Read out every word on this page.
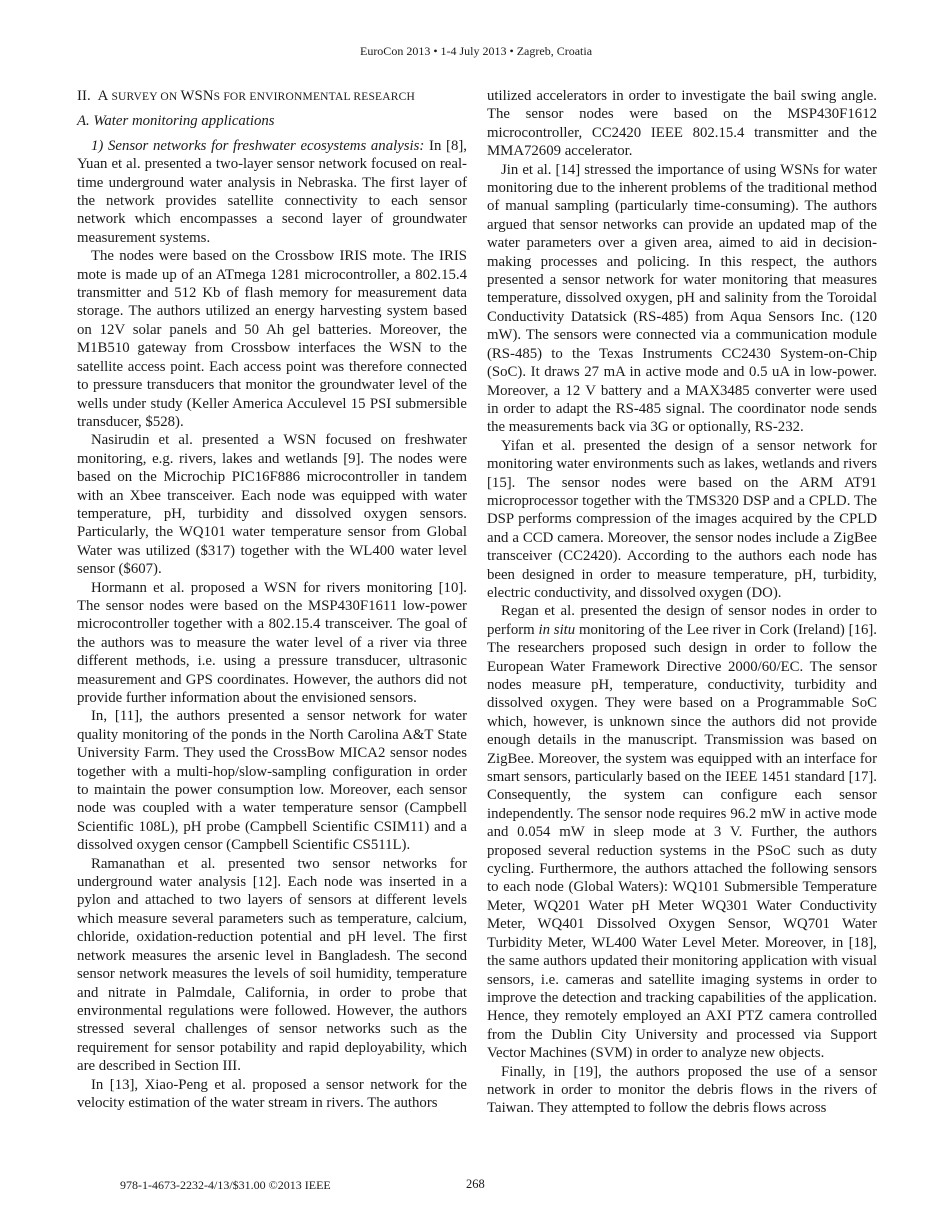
EuroCon 2013 • 1-4 July 2013 • Zagreb, Croatia
II. A SURVEY ON WSNS FOR ENVIRONMENTAL RESEARCH
A. Water monitoring applications

1) Sensor networks for freshwater ecosystems analysis: In [8], Yuan et al. presented a two-layer sensor network focused on real-time underground water analysis in Nebraska. The first layer of the network provides satellite connectivity to each sensor network which encompasses a second layer of groundwater measurement systems.

The nodes were based on the Crossbow IRIS mote. The IRIS mote is made up of an ATmega 1281 microcontroller, a 802.15.4 transmitter and 512 Kb of flash memory for measurement data storage. The authors utilized an energy harvesting system based on 12V solar panels and 50 Ah gel batteries. Moreover, the M1B510 gateway from Crossbow interfaces the WSN to the satellite access point. Each access point was therefore connected to pressure transducers that monitor the groundwater level of the wells under study (Keller America Acculevel 15 PSI submersible transducer, $528).

Nasirudin et al. presented a WSN focused on freshwater monitoring, e.g. rivers, lakes and wetlands [9]. The nodes were based on the Microchip PIC16F886 microcontroller in tandem with an Xbee transceiver. Each node was equipped with water temperature, pH, turbidity and dissolved oxygen sensors. Particularly, the WQ101 water temperature sensor from Global Water was utilized ($317) together with the WL400 water level sensor ($607).

Hormann et al. proposed a WSN for rivers monitoring [10]. The sensor nodes were based on the MSP430F1611 low-power microcontroller together with a 802.15.4 transceiver. The goal of the authors was to measure the water level of a river via three different methods, i.e. using a pressure transducer, ultrasonic measurement and GPS coordinates. However, the authors did not provide further information about the envisioned sensors.

In, [11], the authors presented a sensor network for water quality monitoring of the ponds in the North Carolina A&T State University Farm. They used the CrossBow MICA2 sensor nodes together with a multi-hop/slow-sampling configuration in order to maintain the power consumption low. Moreover, each sensor node was coupled with a water temperature sensor (Campbell Scientific 108L), pH probe (Campbell Scientific CSIM11) and a dissolved oxygen censor (Campbell Scientific CS511L).

Ramanathan et al. presented two sensor networks for underground water analysis [12]. Each node was inserted in a pylon and attached to two layers of sensors at different levels which measure several parameters such as temperature, calcium, chloride, oxidation-reduction potential and pH level. The first network measures the arsenic level in Bangladesh. The second sensor network measures the levels of soil humidity, temperature and nitrate in Palmdale, California, in order to probe that environmental regulations were followed. However, the authors stressed several challenges of sensor networks such as the requirement for sensor potability and rapid deployability, which are described in Section III.

In [13], Xiao-Peng et al. proposed a sensor network for the velocity estimation of the water stream in rivers. The authors

utilized accelerators in order to investigate the bail swing angle. The sensor nodes were based on the MSP430F1612 microcontroller, CC2420 IEEE 802.15.4 transmitter and the MMA72609 accelerator.

Jin et al. [14] stressed the importance of using WSNs for water monitoring due to the inherent problems of the traditional method of manual sampling (particularly time-consuming). The authors argued that sensor networks can provide an updated map of the water parameters over a given area, aimed to aid in decision-making processes and policing. In this respect, the authors presented a sensor network for water monitoring that measures temperature, dissolved oxygen, pH and salinity from the Toroidal Conductivity Datatsick (RS-485) from Aqua Sensors Inc. (120 mW). The sensors were connected via a communication module (RS-485) to the Texas Instruments CC2430 System-on-Chip (SoC). It draws 27 mA in active mode and 0.5 uA in low-power. Moreover, a 12 V battery and a MAX3485 converter were used in order to adapt the RS-485 signal. The coordinator node sends the measurements back via 3G or optionally, RS-232.

Yifan et al. presented the design of a sensor network for monitoring water environments such as lakes, wetlands and rivers [15]. The sensor nodes were based on the ARM AT91 microprocessor together with the TMS320 DSP and a CPLD. The DSP performs compression of the images acquired by the CPLD and a CCD camera. Moreover, the sensor nodes include a ZigBee transceiver (CC2420). According to the authors each node has been designed in order to measure temperature, pH, turbidity, electric conductivity, and dissolved oxygen (DO).

Regan et al. presented the design of sensor nodes in order to perform in situ monitoring of the Lee river in Cork (Ireland) [16]. The researchers proposed such design in order to follow the European Water Framework Directive 2000/60/EC. The sensor nodes measure pH, temperature, conductivity, turbidity and dissolved oxygen. They were based on a Programmable SoC which, however, is unknown since the authors did not provide enough details in the manuscript. Transmission was based on ZigBee. Moreover, the system was equipped with an interface for smart sensors, particularly based on the IEEE 1451 standard [17]. Consequently, the system can configure each sensor independently. The sensor node requires 96.2 mW in active mode and 0.054 mW in sleep mode at 3 V. Further, the authors proposed several reduction systems in the PSoC such as duty cycling. Furthermore, the authors attached the following sensors to each node (Global Waters): WQ101 Submersible Temperature Meter, WQ201 Water pH Meter WQ301 Water Conductivity Meter, WQ401 Dissolved Oxygen Sensor, WQ701 Water Turbidity Meter, WL400 Water Level Meter. Moreover, in [18], the same authors updated their monitoring application with visual sensors, i.e. cameras and satellite imaging systems in order to improve the detection and tracking capabilities of the application. Hence, they remotely employed an AXI PTZ camera controlled from the Dublin City University and processed via Support Vector Machines (SVM) in order to analyze new objects.

Finally, in [19], the authors proposed the use of a sensor network in order to monitor the debris flows in the rivers of Taiwan. They attempted to follow the debris flows across

978-1-4673-2232-4/13/$31.00 ©2013 IEEE	268
